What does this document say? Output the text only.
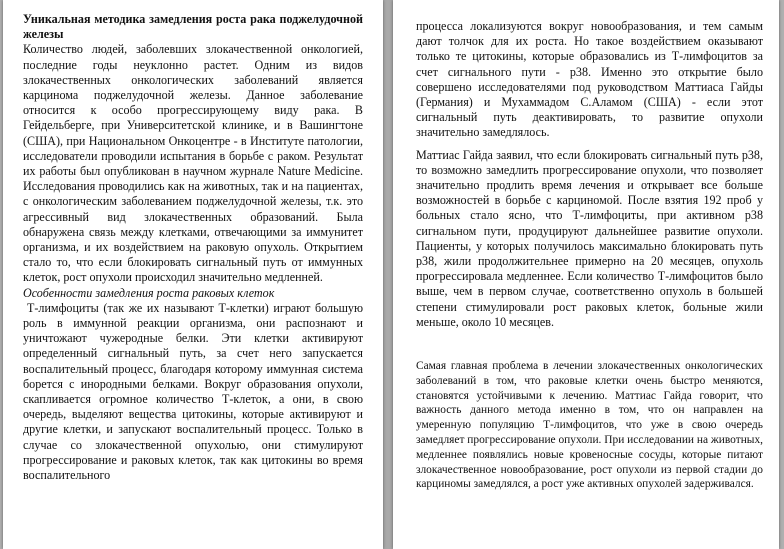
Уникальная методика замедления роста рака поджелудочной железы

Количество людей, заболевших злокачественной онкологией, последние годы неуклонно растет. Одним из видов злокачественных онкологических заболеваний является карцинома поджелудочной железы. Данное заболевание относится к особо прогрессирующему виду рака. В Гейдельберге, при Университетской клинике, и в Вашингтоне (США), при Национальном Онкоцентре - в Институте патологии, исследователи проводили испытания в борьбе с раком. Результат их работы был опубликован в научном журнале Nature Medicine. Исследования проводились как на животных, так и на пациентах, с онкологическим заболеванием поджелудочной железы, т.к. это агрессивный вид злокачественных образований. Была обнаружена связь между клетками, отвечающими за иммунитет организма, и их воздействием на раковую опухоль. Открытием стало то, что если блокировать сигнальный путь от иммунных клеток, рост опухоли происходил значительно медленней.

Особенности замедления роста раковых клеток

Т-лимфоциты (так же их называют Т-клетки) играют большую роль в иммунной реакции организма, они распознают и уничтожают чужеродные белки. Эти клетки активируют определенный сигнальный путь, за счет него запускается воспалительный процесс, благодаря которому иммунная система борется с инородными белками. Вокруг образования опухоли, скапливается огромное количество Т-клеток, а они, в свою очередь, выделяют вещества цитокины, которые активируют и другие клетки, и запускают воспалительный процесс. Только в случае со злокачественной опухолью, они стимулируют прогрессирование и раковых клеток, так как цитокины во время воспалительного

процесса локализуются вокруг новообразования, и тем самым дают толчок для их роста. Но такое воздействием оказывают только те цитокины, которые образовались из Т-лимфоцитов за счет сигнального пути - p38. Именно это открытие было совершено исследователями под руководством Маттиаса Гайды (Германия) и Мухаммадом С.Аламом (США) - если этот сигнальный путь деактивировать, то развитие опухоли значительно замедлялось.

Маттиас Гайда заявил, что если блокировать сигнальный путь p38, то возможно замедлить прогрессирование опухоли, что позволяет значительно продлить время лечения и открывает все больше возможностей в борьбе с карциномой. После взятия 192 проб у больных стало ясно, что Т-лимфоциты, при активном p38 сигнальном пути, продуцируют дальнейшее развитие опухоли. Пациенты, у которых получилось максимально блокировать путь p38, жили продолжительнее примерно на 20 месяцев, опухоль прогрессировала медленнее. Если количество Т-лимфоцитов было выше, чем в первом случае, соответственно опухоль в большей степени стимулировали рост раковых клеток, больные жили меньше, около 10 месяцев.

Самая главная проблема в лечении злокачественных онкологических заболеваний в том, что раковые клетки очень быстро меняются, становятся устойчивыми к лечению. Маттиас Гайда говорит, что важность данного метода именно в том, что он направлен на умеренную популяцию Т-лимфоцитов, что уже в свою очередь замедляет прогрессирование опухоли. При исследовании на животных, медленнее появлялись новые кровеносные сосуды, которые питают злокачественное новообразование, рост опухоли из первой стадии до карциномы замедлялся, а рост уже активных опухолей задерживался.
